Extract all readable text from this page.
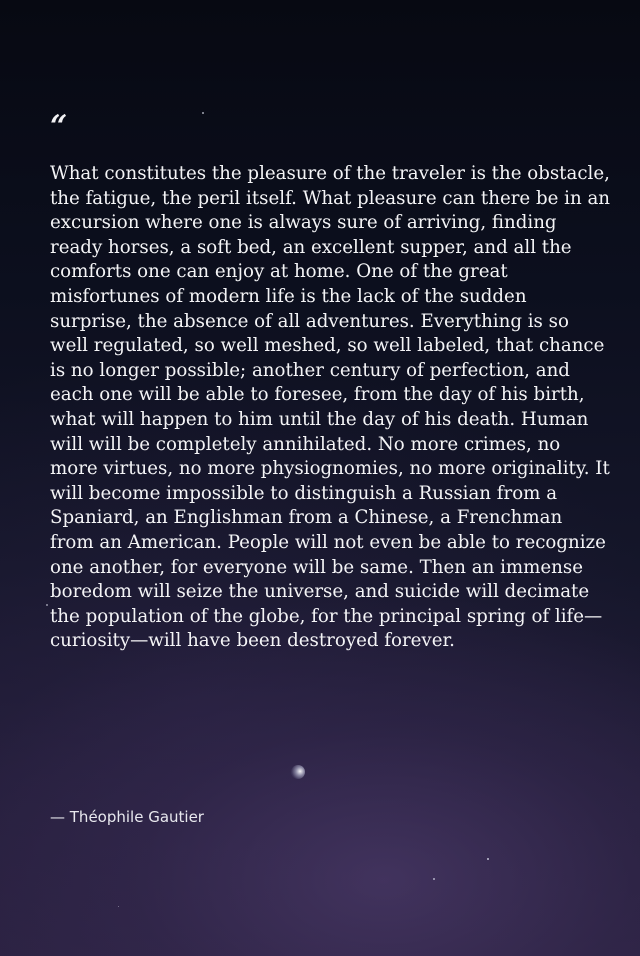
“

What constitutes the pleasure of the traveler is the obstacle, the fatigue, the peril itself. What pleasure can there be in an excursion where one is always sure of arriving, finding ready horses, a soft bed, an excellent supper, and all the comforts one can enjoy at home. One of the great misfortunes of modern life is the lack of the sudden surprise, the absence of all adventures. Everything is so well regulated, so well meshed, so well labeled, that chance is no longer possible; another century of perfection, and each one will be able to foresee, from the day of his birth, what will happen to him until the day of his death. Human will will be completely annihilated. No more crimes, no more virtues, no more physiognomies, no more originality. It will become impossible to distinguish a Russian from a Spaniard, an Englishman from a Chinese, a Frenchman from an American. People will not even be able to recognize one another, for everyone will be same. Then an immense boredom will seize the universe, and suicide will decimate the population of the globe, for the principal spring of life—curiosity—will have been destroyed forever.

— Théophile Gautier
